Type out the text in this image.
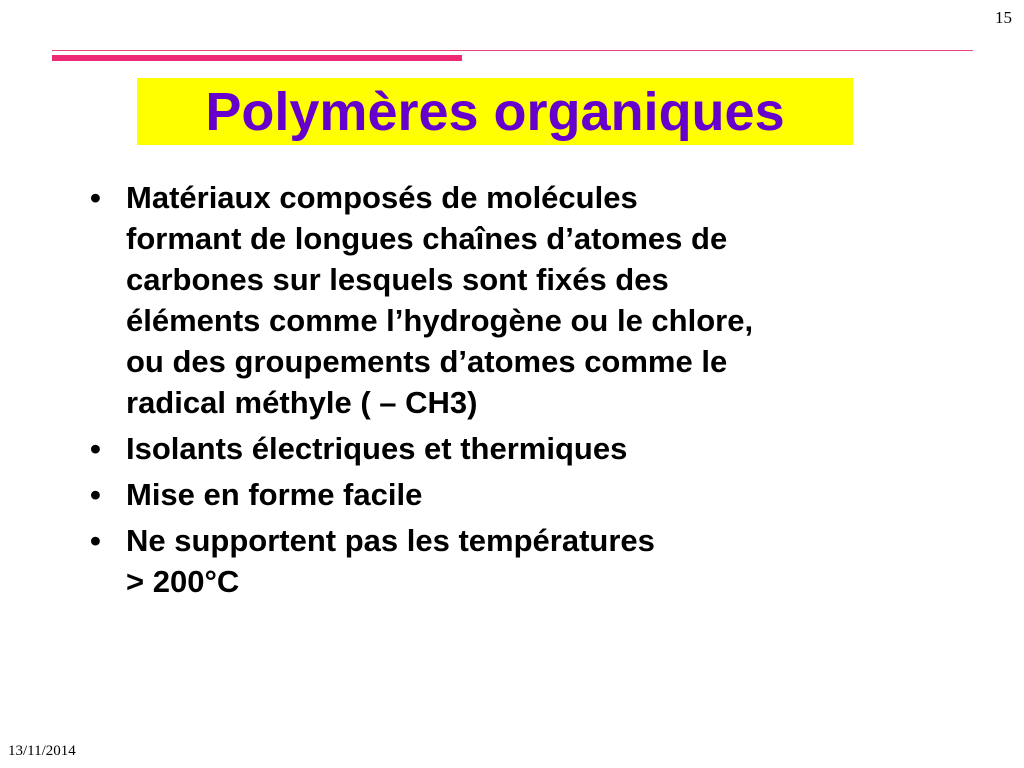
15
Polymères organiques
• Matériaux composés de molécules
formant de longues chaînes d’atomes de
carbones sur lesquels sont fixés des
éléments comme l’hydrogène ou le chlore,
ou des groupements d’atomes comme le
radical méthyle ( – CH3)
• Isolants électriques et thermiques
• Mise en forme facile
• Ne supportent pas les températures
> 200°C
13/11/2014
